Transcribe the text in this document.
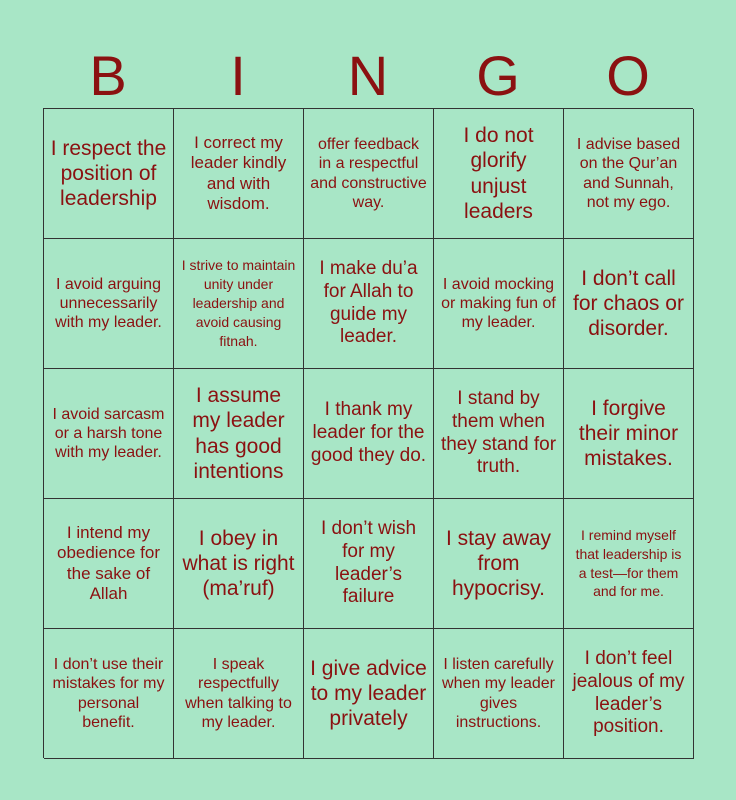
B	I	N	G	O
I respect the position of leadership
I correct my leader kindly and with wisdom.
offer feedback in a respectful and constructive way.
I do not glorify unjust leaders
I advise based on the Qur’an and Sunnah, not my ego.
I avoid arguing unnecessarily with my leader.
I strive to maintain unity under leadership and avoid causing fitnah.
I make du’a for Allah to guide my leader.
I avoid mocking or making fun of my leader.
I don’t call for chaos or disorder.
I avoid sarcasm or a harsh tone with my leader.
I assume my leader has good intentions
I thank my leader for the good they do.
I stand by them when they stand for truth.
I forgive their minor mistakes.
I intend my obedience for the sake of Allah
I obey in what is right (ma’ruf)
I don’t wish for my leader’s failure
I stay away from hypocrisy.
I remind myself that leadership is a test—for them and for me.
I don’t use their mistakes for my personal benefit.
I speak respectfully when talking to my leader.
I give advice to my leader privately
I listen carefully when my leader gives instructions.
I don’t feel jealous of my leader’s position.
